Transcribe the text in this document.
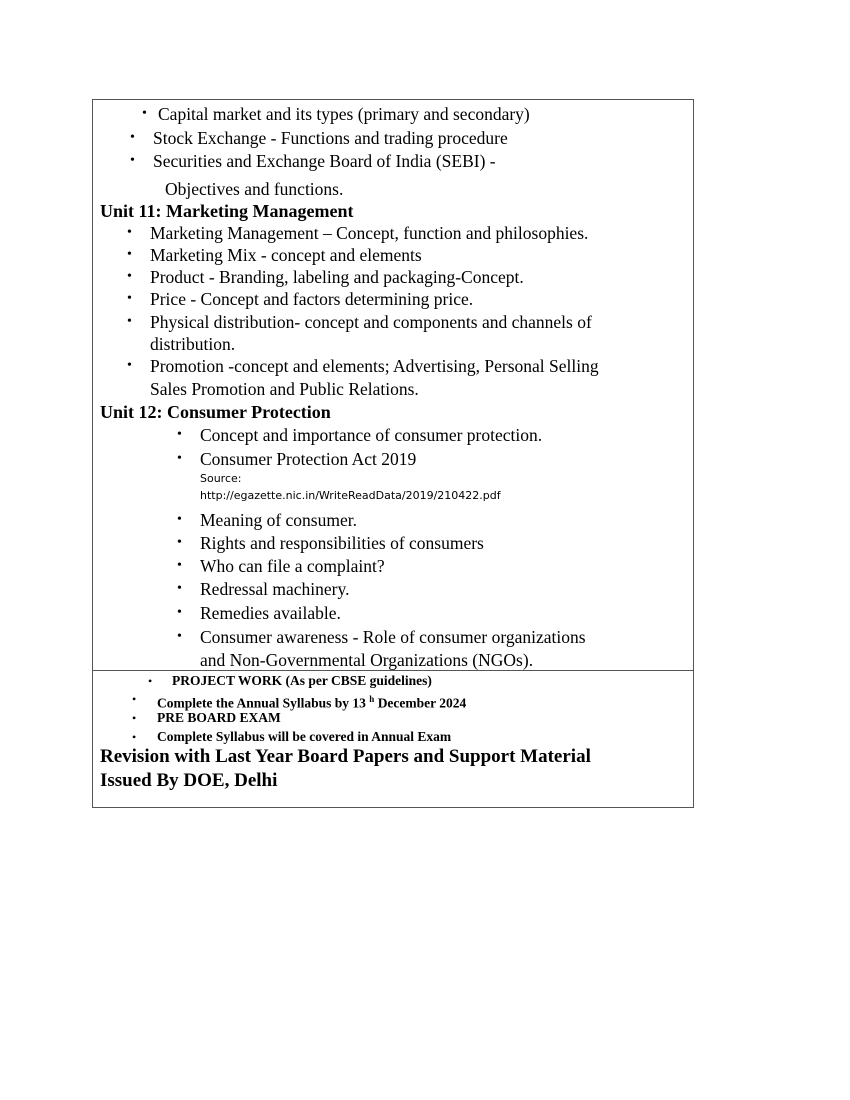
• Capital market and its types (primary and secondary)
• Stock Exchange - Functions and trading procedure
• Securities and Exchange Board of India (SEBI) -
Objectives and functions.
Unit 11: Marketing Management
• Marketing Management – Concept, function and philosophies.
• Marketing Mix - concept and elements
• Product - Branding, labeling and packaging-Concept.
• Price - Concept and factors determining price.
• Physical distribution- concept and components and channels of
distribution.
• Promotion -concept and elements; Advertising, Personal Selling
Sales Promotion and Public Relations.
Unit 12: Consumer Protection
• Concept and importance of consumer protection.
• Consumer Protection Act 2019
Source:
http://egazette.nic.in/WriteReadData/2019/210422.pdf
• Meaning of consumer.
• Rights and responsibilities of consumers
• Who can file a complaint?
• Redressal machinery.
• Remedies available.
• Consumer awareness - Role of consumer organizations
and Non-Governmental Organizations (NGOs).
• PROJECT WORK (As per CBSE guidelines)
• Complete the Annual Syllabus by 13 $^h$ December 2024
• PRE BOARD EXAM
• Complete Syllabus will be covered in Annual Exam
Revision with Last Year Board Papers and Support Material
Issued By DOE, Delhi
